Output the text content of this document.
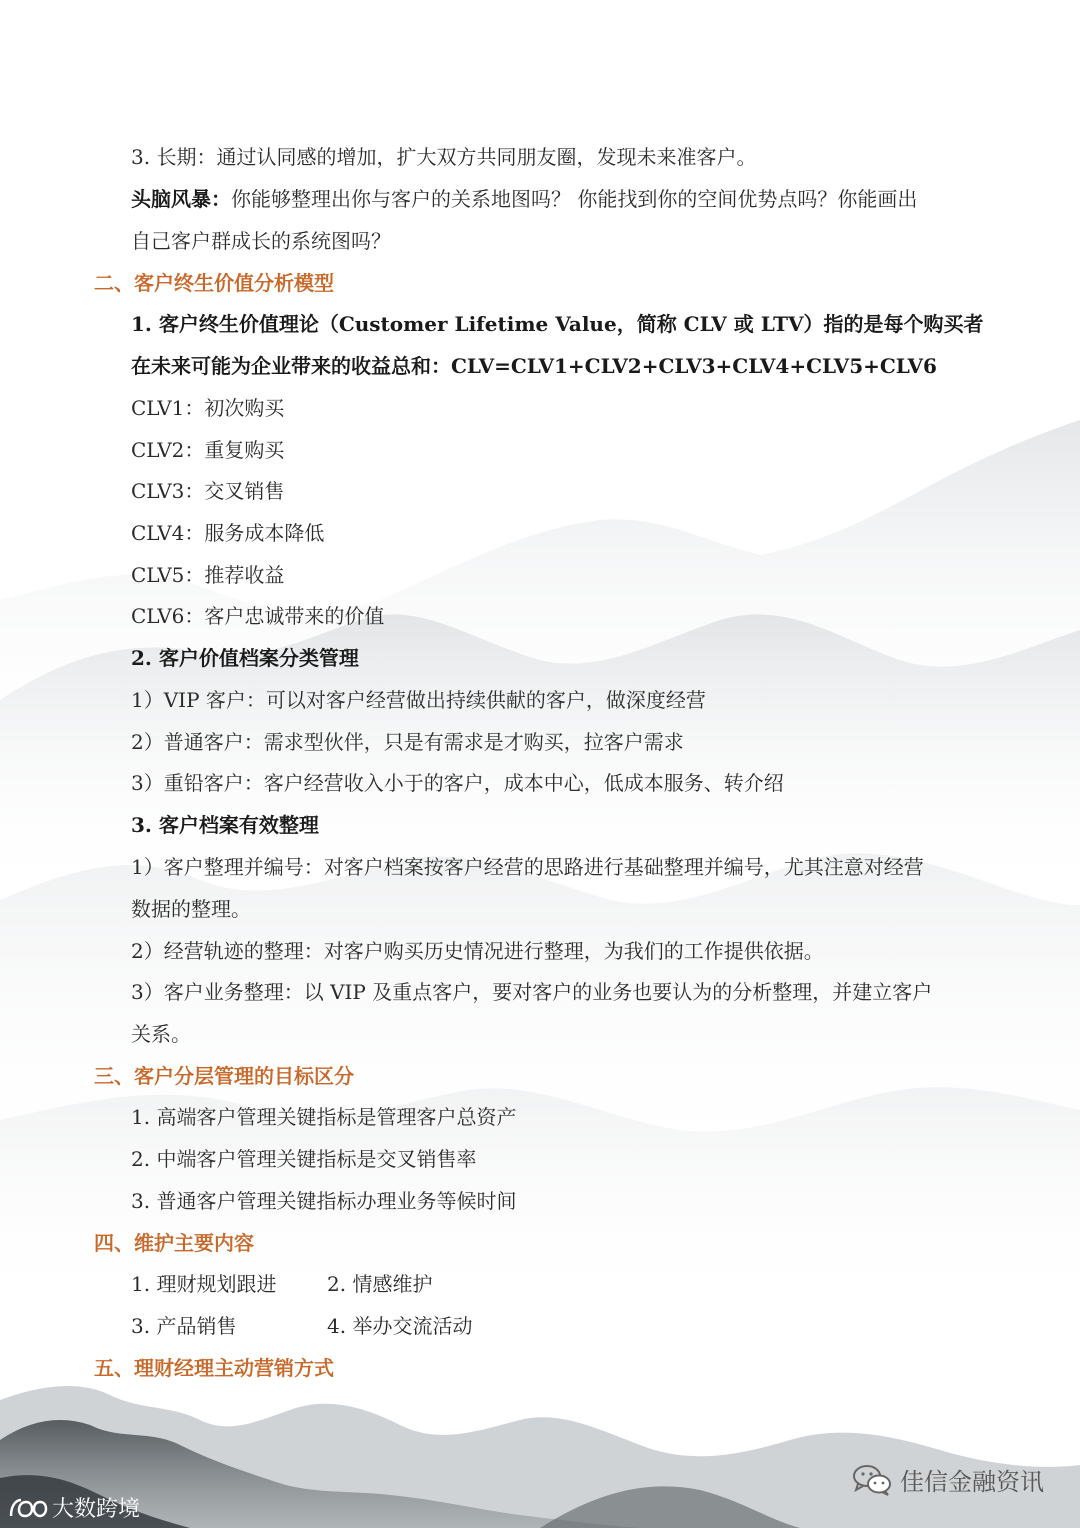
3. 长期：通过认同感的增加，扩大双方共同朋友圈，发现未来准客户。
头脑风暴：你能够整理出你与客户的关系地图吗？ 你能找到你的空间优势点吗？你能画出
自己客户群成长的系统图吗？
二、客户终生价值分析模型
1. 客户终生价值理论（Customer Lifetime Value，简称 CLV 或 LTV）指的是每个购买者
在未来可能为企业带来的收益总和：CLV=CLV1+CLV2+CLV3+CLV4+CLV5+CLV6
CLV1：初次购买
CLV2：重复购买
CLV3：交叉销售
CLV4：服务成本降低
CLV5：推荐收益
CLV6：客户忠诚带来的价值
2. 客户价值档案分类管理
1）VIP 客户：可以对客户经营做出持续供献的客户，做深度经营
2）普通客户：需求型伙伴，只是有需求是才购买，拉客户需求
3）重铅客户：客户经营收入小于的客户，成本中心，低成本服务、转介绍
3. 客户档案有效整理
1）客户整理并编号：对客户档案按客户经营的思路进行基础整理并编号，尤其注意对经营
数据的整理。
2）经营轨迹的整理：对客户购买历史情况进行整理，为我们的工作提供依据。
3）客户业务整理：以 VIP 及重点客户，要对客户的业务也要认为的分析整理，并建立客户
关系。
三、客户分层管理的目标区分
1. 高端客户管理关键指标是管理客户总资产
2. 中端客户管理关键指标是交叉销售率
3. 普通客户管理关键指标办理业务等候时间
四、维护主要内容
1. 理财规划跟进	2. 情感维护
3. 产品销售	4. 举办交流活动
五、理财经理主动营销方式
大数跨境
佳信金融资讯
